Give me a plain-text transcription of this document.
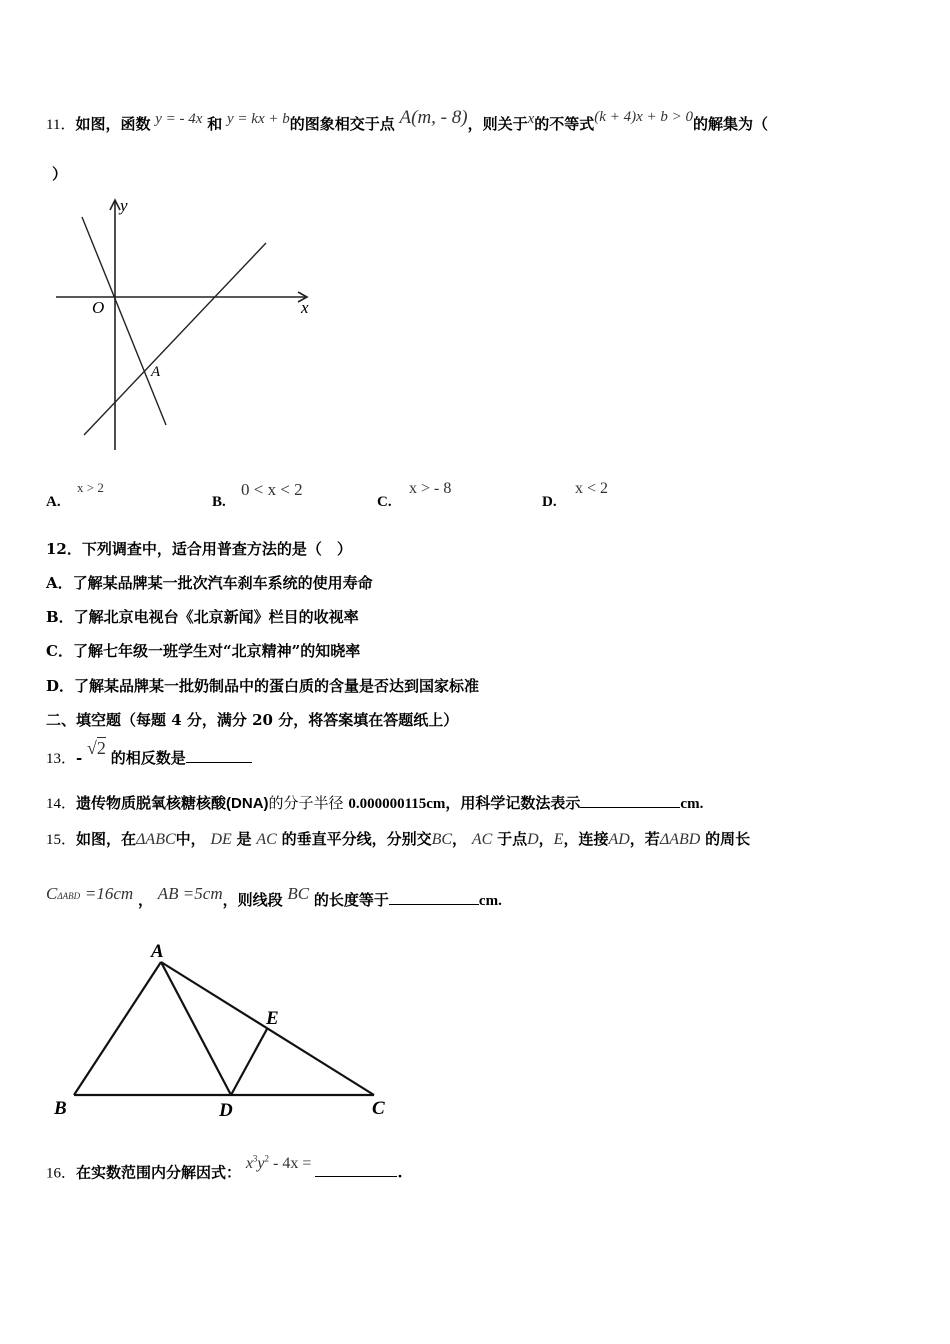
11．如图，函数 y = - 4x 和 y = kx + b的图象相交于点 A(m, - 8)，则关于x的不等式(k + 4)x + b > 0的解集为（
）
y
x
O
A
A.
x > 2
B.
0 < x < 2
C.
x > - 8
D.
x < 2
12．下列调查中，适合用普查方法的是（　）
A．了解某品牌某一批次汽车刹车系统的使用寿命
B．了解北京电视台《北京新闻》栏目的收视率
C．了解七年级一班学生对“北京精神”的知晓率
D．了解某品牌某一批奶制品中的蛋白质的含量是否达到国家标准
二、填空题（每题 4 分，满分 20 分，将答案填在答题纸上）
13．- √2 的相反数是
14．遗传物质脱氧核糖核酸(DNA)的分子半径 0.000000115cm，用科学记数法表示	cm.
15．如图，在ΔABC中， DE 是 AC 的垂直平分线，分别交BC， AC 于点D，E，连接AD，若ΔABD 的周长
CΔABD =16cm ， AB =5cm，则线段 BC 的长度等于	cm.
A
B	C
D
E
16．在实数范围内分解因式： $x^3y^2 - 4x$ =	.
